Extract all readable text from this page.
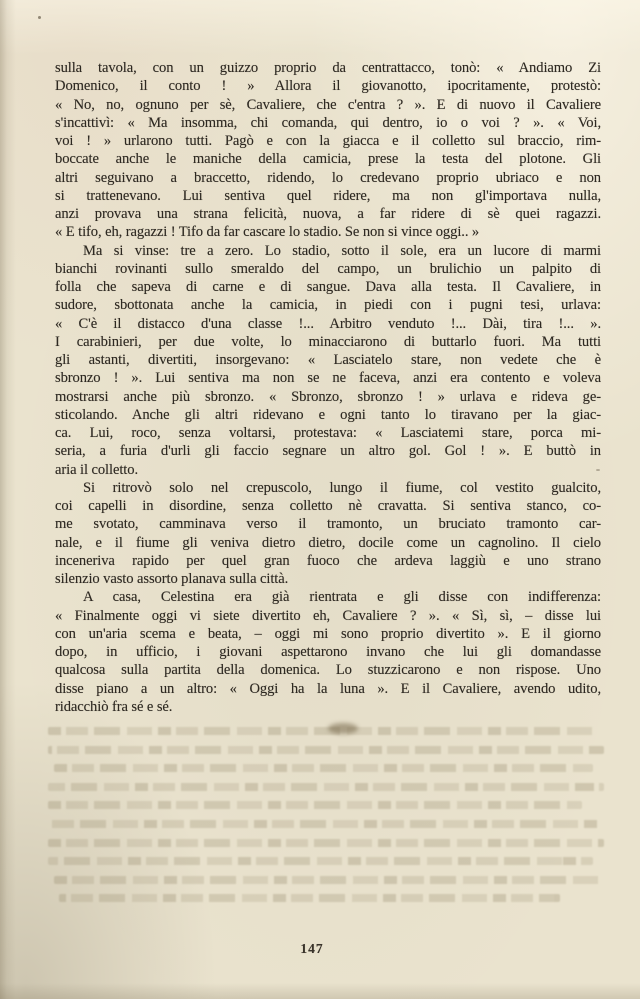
sulla tavola, con un guizzo proprio da centrattacco, tonò: « Andiamo Zi
Domenico, il conto ! » Allora il giovanotto, ipocritamente, protestò:
« No, no, ognuno per sè, Cavaliere, che c'entra ? ». E di nuovo il Cavaliere
s'incattivì: « Ma insomma, chi comanda, qui dentro, io o voi ? ». « Voi,
voi ! » urlarono tutti. Pagò e con la giacca e il colletto sul braccio, rim-
boccate anche le maniche della camicia, prese la testa del plotone. Gli
altri seguivano a braccetto, ridendo, lo credevano proprio ubriaco e non
si trattenevano. Lui sentiva quel ridere, ma non gl'importava nulla,
anzi provava una strana felicità, nuova, a far ridere di sè quei ragazzi.
« E tifo, eh, ragazzi ! Tifo da far cascare lo stadio. Se non si vince oggi.. »
Ma si vinse: tre a zero. Lo stadio, sotto il sole, era un lucore di marmi
bianchi rovinanti sullo smeraldo del campo, un brulichio un palpito di
folla che sapeva di carne e di sangue. Dava alla testa. Il Cavaliere, in
sudore, sbottonata anche la camicia, in piedi con i pugni tesi, urlava:
« C'è il distacco d'una classe !... Arbitro venduto !... Dài, tira !... ».
I carabinieri, per due volte, lo minacciarono di buttarlo fuori. Ma tutti
gli astanti, divertiti, insorgevano: « Lasciatelo stare, non vedete che è
sbronzo ! ». Lui sentiva ma non se ne faceva, anzi era contento e voleva
mostrarsi anche più sbronzo. « Sbronzo, sbronzo ! » urlava e rideva ge-
sticolando. Anche gli altri ridevano e ogni tanto lo tiravano per la giac-
ca. Lui, roco, senza voltarsi, protestava: « Lasciatemi stare, porca mi-
seria, a furia d'urli gli faccio segnare un altro gol. Gol ! ». E buttò in
aria il colletto.
Si ritrovò solo nel crepuscolo, lungo il fiume, col vestito gualcito,
coi capelli in disordine, senza colletto nè cravatta. Si sentiva stanco, co-
me svotato, camminava verso il tramonto, un bruciato tramonto car-
nale, e il fiume gli veniva dietro dietro, docile come un cagnolino. Il cielo
inceneriva rapido per quel gran fuoco che ardeva laggiù e uno strano
silenzio vasto assorto planava sulla città.
A casa, Celestina era già rientrata e gli disse con indifferenza:
« Finalmente oggi vi siete divertito eh, Cavaliere ? ». « Sì, sì, – disse lui
con un'aria scema e beata, – oggi mi sono proprio divertito ». E il giorno
dopo, in ufficio, i giovani aspettarono invano che lui gli domandasse
qualcosa sulla partita della domenica. Lo stuzzicarono e non rispose. Uno
disse piano a un altro: « Oggi ha la luna ». E il Cavaliere, avendo udito,
ridacchiò fra sé e sé.
147
